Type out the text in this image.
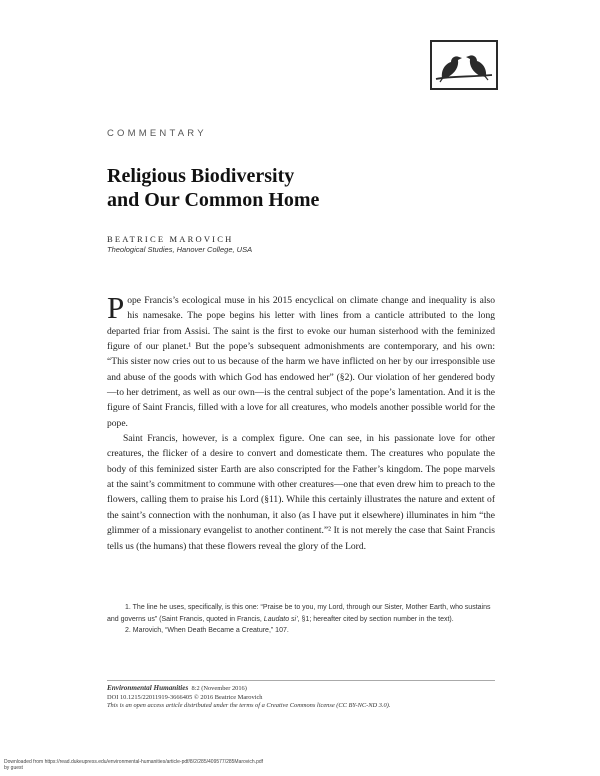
COMMENTARY
Religious Biodiversity
and Our Common Home
BEATRICE MAROVICH
Theological Studies, Hanover College, USA

Pope Francis’s ecological muse in his 2015 encyclical on climate change and inequality is also his namesake. The pope begins his letter with lines from a canticle attributed to the long departed friar from Assisi. The saint is the first to evoke our human sisterhood with the feminized figure of our planet.¹ But the pope’s subsequent admonishments are contemporary, and his own: “This sister now cries out to us because of the harm we have inflicted on her by our irresponsible use and abuse of the goods with which God has endowed her” (§2). Our violation of her gendered body—to her detriment, as well as our own—is the central subject of the pope’s lamentation. And it is the figure of Saint Francis, filled with a love for all creatures, who models another possible world for the pope.

Saint Francis, however, is a complex figure. One can see, in his passionate love for other creatures, the flicker of a desire to convert and domesticate them. The creatures who populate the body of this feminized sister Earth are also conscripted for the Father’s kingdom. The pope marvels at the saint’s commitment to commune with other creatures—one that even drew him to preach to the flowers, calling them to praise his Lord (§11). While this certainly illustrates the nature and extent of the saint’s connection with the nonhuman, it also (as I have put it elsewhere) illuminates in him “the glimmer of a missionary evangelist to another continent.”² It is not merely the case that Saint Francis tells us (the humans) that these flowers reveal the glory of the Lord.

1. The line he uses, specifically, is this one: “Praise be to you, my Lord, through our Sister, Mother Earth, who sustains and governs us” (Saint Francis, quoted in Francis, Laudato si’, §1; hereafter cited by section number in the text).

2. Marovich, “When Death Became a Creature,” 107.

Environmental Humanities 8:2 (November 2016)
DOI 10.1215/22011919-3666405 © 2016 Beatrice Marovich
This is an open access article distributed under the terms of a Creative Commons license (CC BY-NC-ND 3.0).
Downloaded from https://read.dukeupress.edu/environmental-humanities/article-pdf/8/2/285/409577/285Marovich.pdf
by guest
